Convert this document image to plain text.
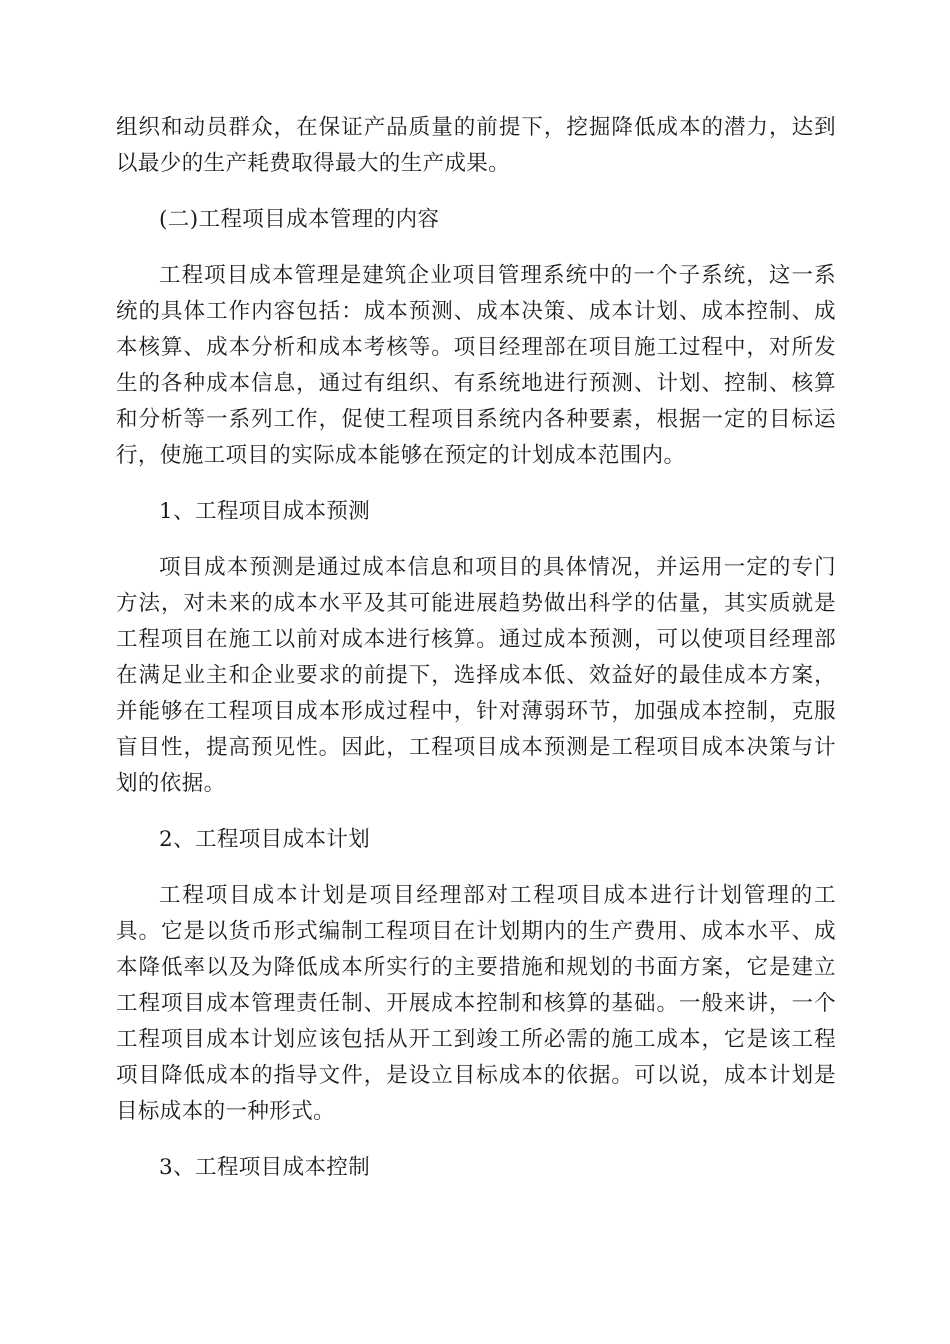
组织和动员群众，在保证产品质量的前提下，挖掘降低成本的潜力，达到以最少的生产耗费取得最大的生产成果。

(二)工程项目成本管理的内容

工程项目成本管理是建筑企业项目管理系统中的一个子系统，这一系统的具体工作内容包括：成本预测、成本决策、成本计划、成本控制、成本核算、成本分析和成本考核等。项目经理部在项目施工过程中，对所发生的各种成本信息，通过有组织、有系统地进行预测、计划、控制、核算和分析等一系列工作，促使工程项目系统内各种要素，根据一定的目标运行，使施工项目的实际成本能够在预定的计划成本范围内。

1、工程项目成本预测

项目成本预测是通过成本信息和项目的具体情况，并运用一定的专门方法，对未来的成本水平及其可能进展趋势做出科学的估量，其实质就是工程项目在施工以前对成本进行核算。通过成本预测，可以使项目经理部在满足业主和企业要求的前提下，选择成本低、效益好的最佳成本方案，并能够在工程项目成本形成过程中，针对薄弱环节，加强成本控制，克服盲目性，提高预见性。因此，工程项目成本预测是工程项目成本决策与计划的依据。

2、工程项目成本计划

工程项目成本计划是项目经理部对工程项目成本进行计划管理的工具。它是以货币形式编制工程项目在计划期内的生产费用、成本水平、成本降低率以及为降低成本所实行的主要措施和规划的书面方案，它是建立工程项目成本管理责任制、开展成本控制和核算的基础。一般来讲，一个工程项目成本计划应该包括从开工到竣工所必需的施工成本，它是该工程项目降低成本的指导文件，是设立目标成本的依据。可以说，成本计划是目标成本的一种形式。

3、工程项目成本控制
